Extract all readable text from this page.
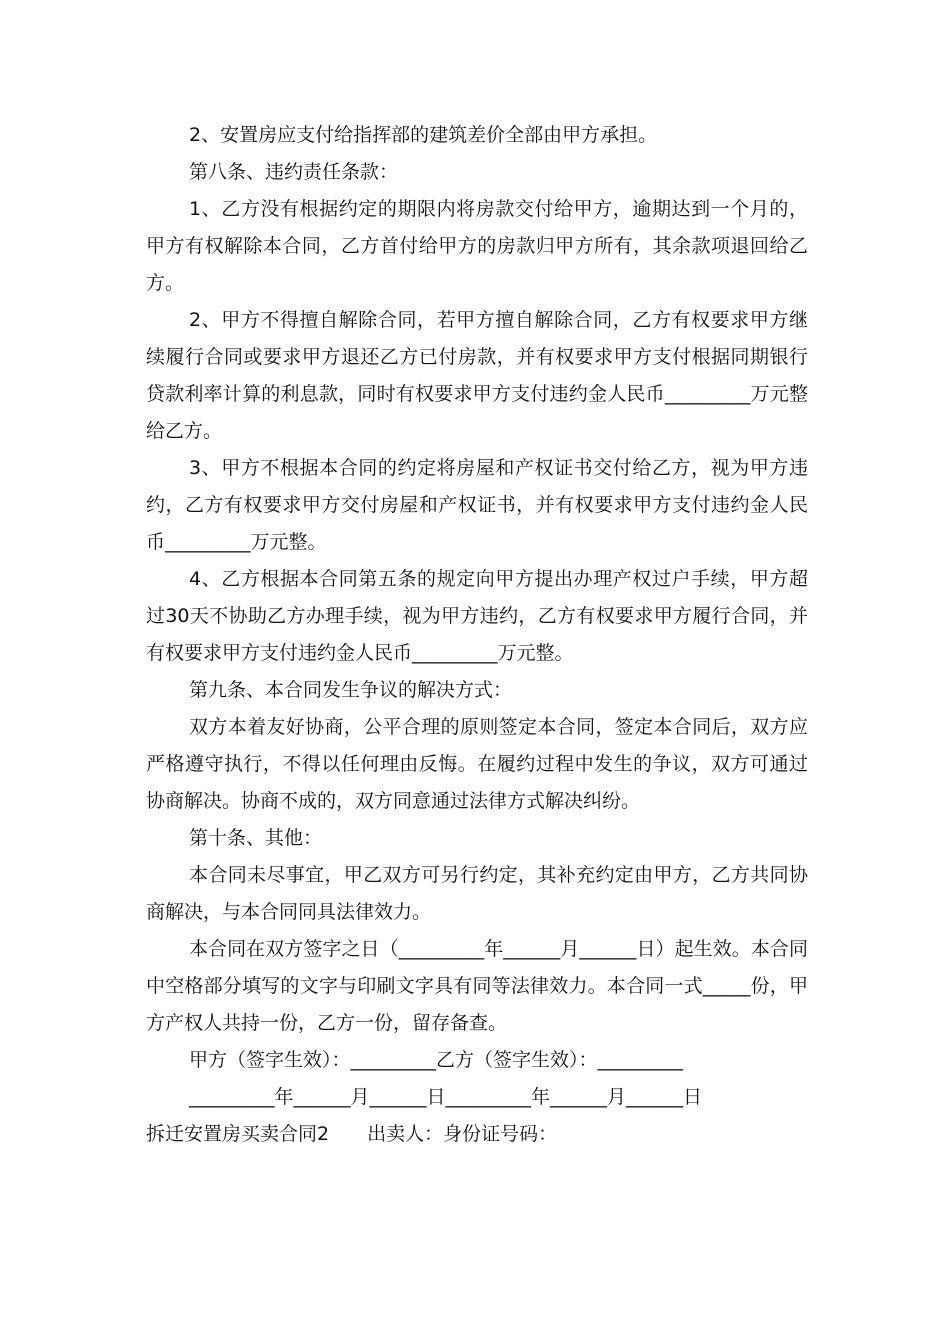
2、安置房应支付给指挥部的建筑差价全部由甲方承担。

第八条、违约责任条款：

1、乙方没有根据约定的期限内将房款交付给甲方，逾期达到一个月的，甲方有权解除本合同，乙方首付给甲方的房款归甲方所有，其余款项退回给乙方。

2、甲方不得擅自解除合同，若甲方擅自解除合同，乙方有权要求甲方继续履行合同或要求甲方退还乙方已付房款，并有权要求甲方支付根据同期银行贷款利率计算的利息款，同时有权要求甲方支付违约金人民币_________万元整给乙方。

3、甲方不根据本合同的约定将房屋和产权证书交付给乙方，视为甲方违约，乙方有权要求甲方交付房屋和产权证书，并有权要求甲方支付违约金人民币_________万元整。

4、乙方根据本合同第五条的规定向甲方提出办理产权过户手续，甲方超过30天不协助乙方办理手续，视为甲方违约，乙方有权要求甲方履行合同，并有权要求甲方支付违约金人民币_________万元整。

第九条、本合同发生争议的解决方式：

双方本着友好协商，公平合理的原则签定本合同，签定本合同后，双方应严格遵守执行，不得以任何理由反悔。在履约过程中发生的争议，双方可通过协商解决。协商不成的，双方同意通过法律方式解决纠纷。

第十条、其他：

本合同未尽事宜，甲乙双方可另行约定，其补充约定由甲方，乙方共同协商解决，与本合同同具法律效力。

本合同在双方签字之日（_________年______月______日）起生效。本合同中空格部分填写的文字与印刷文字具有同等法律效力。本合同一式_____份，甲方产权人共持一份，乙方一份，留存备查。

甲方（签字生效）：_________乙方（签字生效）：_________

_________年______月______日_________年______月______日

拆迁安置房买卖合同2　　出卖人：身份证号码：
